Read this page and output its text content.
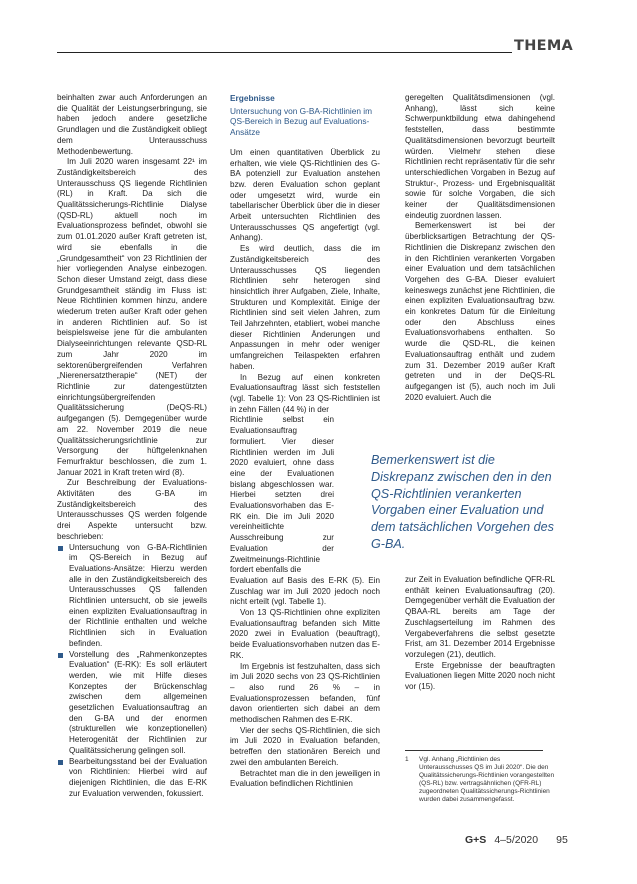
THEMA

beinhalten zwar auch Anforderungen an die Qualität der Leistungserbringung, sie haben jedoch andere gesetzliche Grundlagen und die Zuständigkeit obliegt dem Unterausschuss Methodenbewertung.

Im Juli 2020 waren insgesamt 22¹ im Zuständigkeitsbereich des Unterausschuss QS liegende Richtlinien (RL) in Kraft. Da sich die Qualitätssicherungs-Richtlinie Dialyse (QSD-RL) aktuell noch im Evaluationsprozess befindet, obwohl sie zum 01.01.2020 außer Kraft getreten ist, wird sie ebenfalls in die „Grundgesamtheit“ von 23 Richtlinien der hier vorliegenden Analyse einbezogen. Schon dieser Umstand zeigt, dass diese Grundgesamtheit ständig im Fluss ist: Neue Richtlinien kommen hinzu, andere wiederum treten außer Kraft oder gehen in anderen Richtlinien auf. So ist beispielsweise jene für die ambulanten Dialyseeinrichtungen relevante QSD-RL zum Jahr 2020 im sektorenübergreifenden Verfahren „Nierenersatztherapie“ (NET) der Richtlinie zur datengestützten einrichtungsübergreifenden Qualitätssicherung (DeQS-RL) aufgegangen (5). Demgegenüber wurde am 22. November 2019 die neue Qualitätssicherungsrichtlinie zur Versorgung der hüftgelenknahen Femurfraktur beschlossen, die zum 1. Januar 2021 in Kraft treten wird (8).

Zur Beschreibung der Evaluations-Aktivitäten des G-BA im Zuständigkeitsbereich des Unterausschusses QS werden folgende drei Aspekte untersucht bzw. beschrieben:

Untersuchung von G-BA-Richtlinien im QS-Bereich in Bezug auf Evaluations-Ansätze: Hierzu werden alle in den Zuständigkeitsbereich des Unterausschusses QS fallenden Richtlinien untersucht, ob sie jeweils einen expliziten Evaluationsauftrag in der Richtlinie enthalten und welche Richtlinien sich in Evaluation befinden.
Vorstellung des „Rahmenkonzeptes Evaluation“ (E-RK): Es soll erläutert werden, wie mit Hilfe dieses Konzeptes der Brückenschlag zwischen dem allgemeinen gesetzlichen Evaluationsauftrag an den G-BA und der enormen (strukturellen wie konzeptionellen) Heterogenität der Richtlinien zur Qualitätssicherung gelingen soll.
Bearbeitungsstand bei der Evaluation von Richtlinien: Hierbei wird auf diejenigen Richtlinien, die das E-RK zur Evaluation verwenden, fokussiert.
Ergebnisse
Untersuchung von G-BA-Richtlinien im QS-Bereich in Bezug auf Evaluations-Ansätze

Um einen quantitativen Überblick zu erhalten, wie viele QS-Richtlinien des G-BA potenziell zur Evaluation anstehen bzw. deren Evaluation schon geplant oder umgesetzt wird, wurde ein tabellarischer Überblick über die in dieser Arbeit untersuchten Richtlinien des Unterausschusses QS angefertigt (vgl. Anhang).

Es wird deutlich, dass die im Zuständigkeitsbereich des Unterausschusses QS liegenden Richtlinien sehr heterogen sind hinsichtlich ihrer Aufgaben, Ziele, Inhalte, Strukturen und Komplexität. Einige der Richtlinien sind seit vielen Jahren, zum Teil Jahrzehnten, etabliert, wobei manche dieser Richtlinien Änderungen und Anpassungen in mehr oder weniger umfangreichen Teilaspekten erfahren haben.

In Bezug auf einen konkreten Evaluationsauftrag lässt sich feststellen (vgl. Tabelle 1): Von 23 QS-Richtlinien ist in zehn Fällen (44 %) in der

Richtlinie selbst ein Evaluationsauftrag formuliert. Vier dieser Richtlinien werden im Juli 2020 evaluiert, ohne dass eine der Evaluationen bislang abgeschlossen war. Hierbei setzten drei Evaluationsvorhaben das E-RK ein. Die im Juli 2020 vereinheitlichte Ausschreibung zur Evaluation der Zweitmeinungs-Richtlinie fordert ebenfalls die

Evaluation auf Basis des E-RK (5). Ein Zuschlag war im Juli 2020 jedoch noch nicht erteilt (vgl. Tabelle 1).

Von 13 QS-Richtlinien ohne expliziten Evaluationsauftrag befanden sich Mitte 2020 zwei in Evaluation (beauftragt), beide Evaluationsvorhaben nutzen das E-RK.

Im Ergebnis ist festzuhalten, dass sich im Juli 2020 sechs von 23 QS-Richtlinien – also rund 26 % – in Evaluationsprozessen befanden, fünf davon orientierten sich dabei an dem methodischen Rahmen des E-RK.

Vier der sechs QS-Richtlinien, die sich im Juli 2020 in Evaluation befanden, betreffen den stationären Bereich und zwei den ambulanten Bereich.

Betrachtet man die in den jeweiligen in Evaluation befindlichen Richtlinien

geregelten Qualitätsdimensionen (vgl. Anhang), lässt sich keine Schwerpunktbildung etwa dahingehend feststellen, dass bestimmte Qualitätsdimensionen bevorzugt beurteilt würden. Vielmehr stehen diese Richtlinien recht repräsentativ für die sehr unterschiedlichen Vorgaben in Bezug auf Struktur-, Prozess- und Ergebnisqualität sowie für solche Vorgaben, die sich keiner der Qualitätsdimensionen eindeutig zuordnen lassen.

Bemerkenswert ist bei der überblicksartigen Betrachtung der QS-Richtlinien die Diskrepanz zwischen den in den Richtlinien verankerten Vorgaben einer Evaluation und dem tatsächlichen Vorgehen des G-BA. Dieser evaluiert keineswegs zunächst jene Richtlinien, die einen expliziten Evaluationsauftrag bzw. ein konkretes Datum für die Einleitung oder den Abschluss eines Evaluationsvorhabens enthalten. So wurde die QSD-RL, die keinen Evaluationsauftrag enthält und zudem zum 31. Dezember 2019 außer Kraft getreten und in der DeQS-RL aufgegangen ist (5), auch noch im Juli 2020 evaluiert. Auch die

Bemerkenswert ist die Diskrepanz zwischen den in den QS-Richtlinien verankerten Vorgaben einer Evaluation und dem tatsächlichen Vorgehen des G-BA.

zur Zeit in Evaluation befindliche QFR-RL enthält keinen Evaluationsauftrag (20). Demgegenüber verhält die Evaluation der QBAA-RL bereits am Tage der Zuschlagserteilung im Rahmen des Vergabeverfahrens die selbst gesetzte Frist, am 31. Dezember 2014 Ergebnisse vorzulegen (21), deutlich.

Erste Ergebnisse der beauftragten Evaluationen liegen Mitte 2020 noch nicht vor (15).

1	Vgl. Anhang „Richtlinien des Unterausschusses QS im Juli 2020“. Die den Qualitätssicherungs-Richtlinien vorangestellten (QS-RL) bzw. vertragsähnlichen (QFR-RL) zugeordneten Qualitätssicherungs-Richtlinien wurden dabei zusammengefasst.
G+S 4–5/2020 95
